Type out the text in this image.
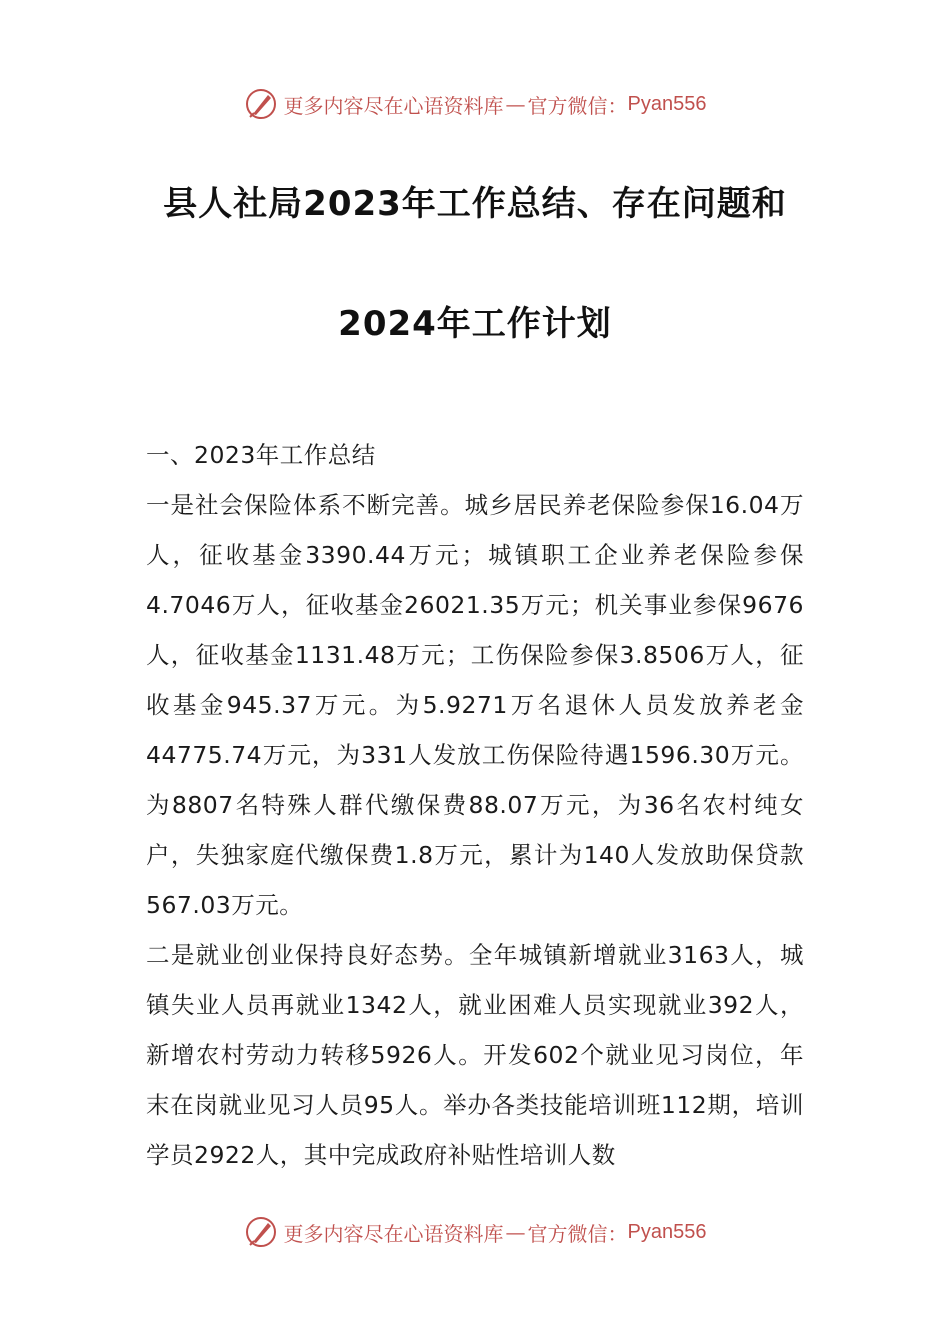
更多内容尽在心语资料库 — 官方微信： Pyan556
县人社局2023年工作总结、存在问题和
2024年工作计划

一、2023年工作总结

一是社会保险体系不断完善。城乡居民养老保险参保16.04万人，征收基金3390.44万元；城镇职工企业养老保险参保4.7046万人，征收基金26021.35万元；机关事业参保9676人，征收基金1131.48万元；工伤保险参保3.8506万人，征收基金945.37万元。为5.9271万名退休人员发放养老金44775.74万元，为331人发放工伤保险待遇1596.30万元。为8807名特殊人群代缴保费88.07万元，为36名农村纯女户，失独家庭代缴保费1.8万元，累计为140人发放助保贷款567.03万元。

二是就业创业保持良好态势。全年城镇新增就业3163人，城镇失业人员再就业1342人，就业困难人员实现就业392人，新增农村劳动力转移5926人。开发602个就业见习岗位，年末在岗就业见习人员95人。举办各类技能培训班112期，培训学员2922人，其中完成政府补贴性培训人数

更多内容尽在心语资料库 — 官方微信： Pyan556
